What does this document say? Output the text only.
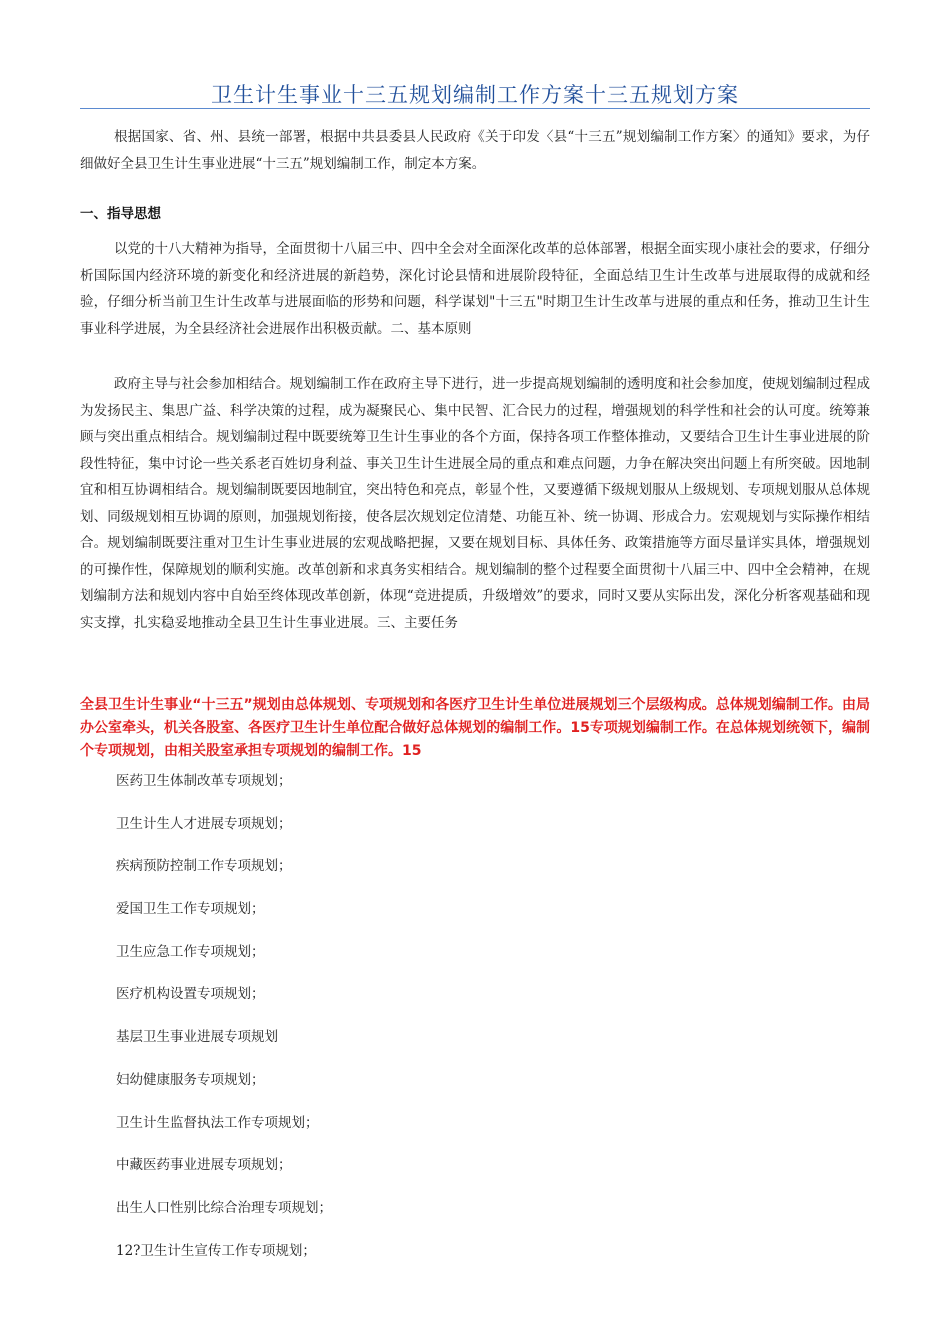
卫生计生事业十三五规划编制工作方案十三五规划方案

根据国家、省、州、县统一部署，根据中共县委县人民政府《关于印发〈县“十三五”规划编制工作方案〉的通知》要求，为仔细做好全县卫生计生事业进展“十三五”规划编制工作，制定本方案。

一、指导思想

以党的十八大精神为指导，全面贯彻十八届三中、四中全会对全面深化改革的总体部署，根据全面实现小康社会的要求，仔细分析国际国内经济环境的新变化和经济进展的新趋势，深化讨论县情和进展阶段特征，全面总结卫生计生改革与进展取得的成就和经验，仔细分析当前卫生计生改革与进展面临的形势和问题，科学谋划"十三五"时期卫生计生改革与进展的重点和任务，推动卫生计生事业科学进展，为全县经济社会进展作出积极贡献。二、基本原则

政府主导与社会参加相结合。规划编制工作在政府主导下进行，进一步提高规划编制的透明度和社会参加度，使规划编制过程成为发扬民主、集思广益、科学决策的过程，成为凝聚民心、集中民智、汇合民力的过程，增强规划的科学性和社会的认可度。统筹兼顾与突出重点相结合。规划编制过程中既要统筹卫生计生事业的各个方面，保持各项工作整体推动，又要结合卫生计生事业进展的阶段性特征，集中讨论一些关系老百姓切身利益、事关卫生计生进展全局的重点和难点问题，力争在解决突出问题上有所突破。因地制宜和相互协调相结合。规划编制既要因地制宜，突出特色和亮点，彰显个性，又要遵循下级规划服从上级规划、专项规划服从总体规划、同级规划相互协调的原则，加强规划衔接，使各层次规划定位清楚、功能互补、统一协调、形成合力。宏观规划与实际操作相结合。规划编制既要注重对卫生计生事业进展的宏观战略把握，又要在规划目标、具体任务、政策措施等方面尽量详实具体，增强规划的可操作性，保障规划的顺利实施。改革创新和求真务实相结合。规划编制的整个过程要全面贯彻十八届三中、四中全会精神，在规划编制方法和规划内容中自始至终体现改革创新，体现“竞进提质，升级增效”的要求，同时又要从实际出发，深化分析客观基础和现实支撑，扎实稳妥地推动全县卫生计生事业进展。三、主要任务

全县卫生计生事业“十三五”规划由总体规划、专项规划和各医疗卫生计生单位进展规划三个层级构成。总体规划编制工作。由局办公室牵头，机关各股室、各医疗卫生计生单位配合做好总体规划的编制工作。15专项规划编制工作。在总体规划统领下，编制个专项规划，由相关股室承担专项规划的编制工作。15

医药卫生体制改革专项规划；
卫生计生人才进展专项规划；
疾病预防控制工作专项规划；
爱国卫生工作专项规划；
卫生应急工作专项规划；
医疗机构设置专项规划；
基层卫生事业进展专项规划
妇幼健康服务专项规划；
卫生计生监督执法工作专项规划；
中藏医药事业进展专项规划；
出生人口性别比综合治理专项规划；
12?卫生计生宣传工作专项规划；
